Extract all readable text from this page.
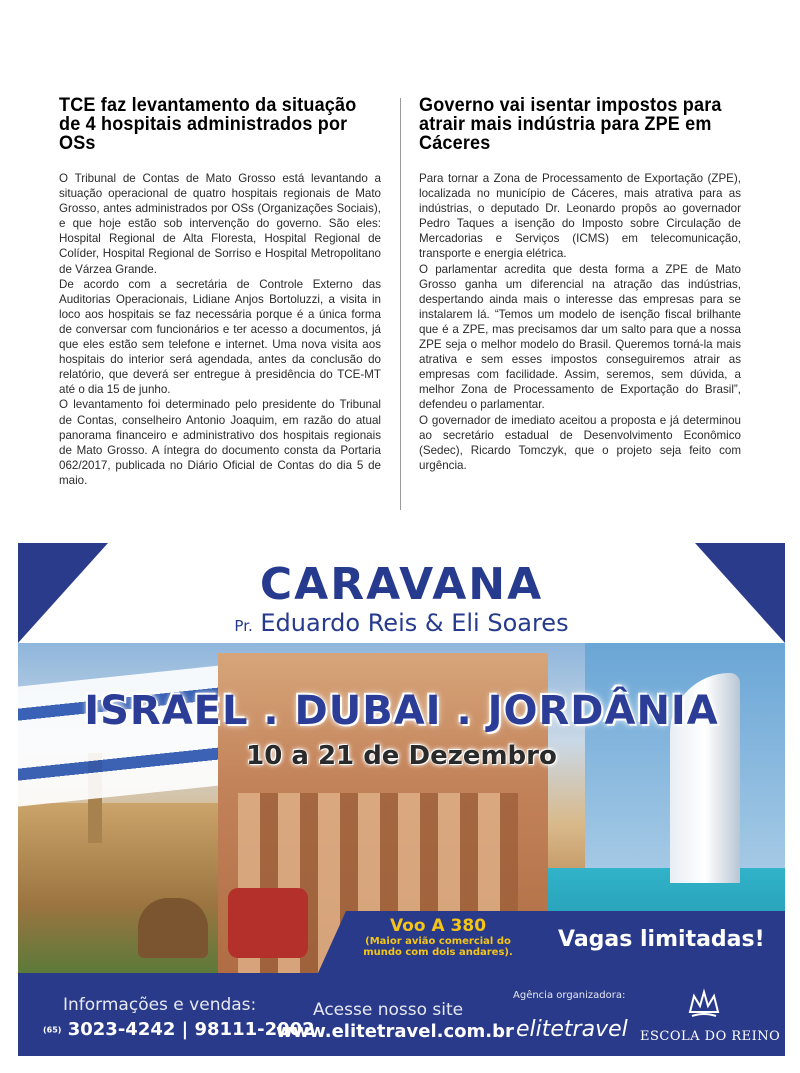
TCE faz levantamento da situação de 4 hospitais administrados por OSs

O Tribunal de Contas de Mato Grosso está levantando a situação operacional de quatro hospitais regionais de Mato Grosso, antes administrados por OSs (Organizações Sociais), e que hoje estão sob intervenção do governo. São eles: Hospital Regional de Alta Floresta, Hospital Regional de Colíder, Hospital Regional de Sorriso e Hospital Metropolitano de Várzea Grande.

De acordo com a secretária de Controle Externo das Auditorias Operacionais, Lidiane Anjos Bortoluzzi, a visita in loco aos hospitais se faz necessária porque é a única forma de conversar com funcionários e ter acesso a documentos, já que eles estão sem telefone e internet. Uma nova visita aos hospitais do interior será agendada, antes da conclusão do relatório, que deverá ser entregue à presidência do TCE-MT até o dia 15 de junho.

O levantamento foi determinado pelo presidente do Tribunal de Contas, conselheiro Antonio Joaquim, em razão do atual panorama financeiro e administrativo dos hospitais regionais de Mato Grosso. A íntegra do documento consta da Portaria 062/2017, publicada no Diário Oficial de Contas do dia 5 de maio.

Governo vai isentar impostos para atrair mais indústria para ZPE em Cáceres

Para tornar a Zona de Processamento de Exportação (ZPE), localizada no município de Cáceres, mais atrativa para as indústrias, o deputado Dr. Leonardo propôs ao governador Pedro Taques a isenção do Imposto sobre Circulação de Mercadorias e Serviços (ICMS) em telecomunicação, transporte e energia elétrica.

O parlamentar acredita que desta forma a ZPE de Mato Grosso ganha um diferencial na atração das indústrias, despertando ainda mais o interesse das empresas para se instalarem lá. “Temos um modelo de isenção fiscal brilhante que é a ZPE, mas precisamos dar um salto para que a nossa ZPE seja o melhor modelo do Brasil. Queremos torná-la mais atrativa e sem esses impostos conseguiremos atrair as empresas com facilidade. Assim, seremos, sem dúvida, a melhor Zona de Processamento de Exportação do Brasil”, defendeu o parlamentar.

O governador de imediato aceitou a proposta e já determinou ao secretário estadual de Desenvolvimento Econômico (Sedec), Ricardo Tomczyk, que o projeto seja feito com urgência.

CARAVANA
Pr. Eduardo Reis & Eli Soares
ISRAEL . DUBAI . JORDÂNIA
10 a 21 de Dezembro
Voo A 380
(Maior avião comercial do mundo com dois andares).
Vagas limitadas!
Informações e vendas:
(65) 3023-4242 | 98111-2002
Acesse nosso site
www.elitetravel.com.br
Agência organizadora:
elitetravel ESCOLA DO REINO
